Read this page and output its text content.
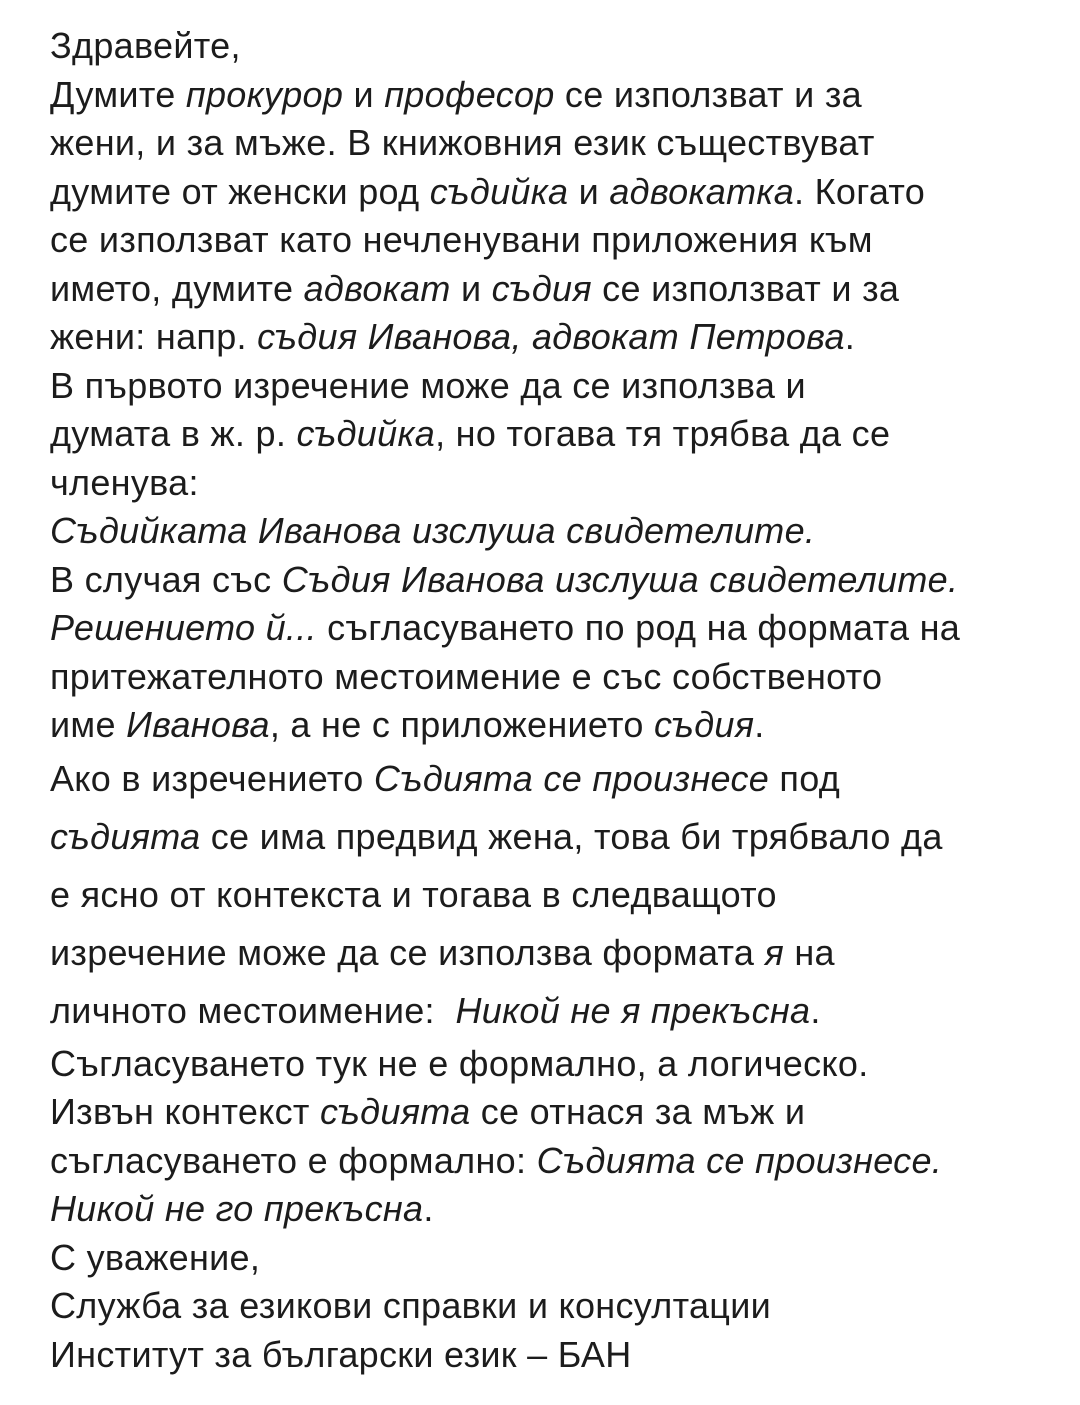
Здравейте,
Думите прокурор и професор се използват и за
жени, и за мъже. В книжовния език съществуват
думите от женски род съдийка и адвокатка. Когато
се използват като нечленувани приложения към
името, думите адвокат и съдия се използват и за
жени: напр. съдия Иванова, адвокат Петрова.
В първото изречение може да се използва и
думата в ж. р. съдийка, но тогава тя трябва да се
членува:
Съдийката Иванова изслуша свидетелите.
В случая със Съдия Иванова изслуша свидетелите.
Решението й... съгласуването по род на формата на
притежателното местоимение е със собственото
име Иванова, а не с приложението съдия.
Ако в изречението Съдията се произнесе под
съдията се има предвид жена, това би трябвало да
е ясно от контекста и тогава в следващото
изречение може да се използва формата я на
личното местоимение:  Никой не я прекъсна.
Съгласуването тук не е формално, а логическо.
Извън контекст съдията се отнася за мъж и
съгласуването е формално: Съдията се произнесе.
Никой не го прекъсна.
С уважение,
Служба за езикови справки и консултации
Институт за български език – БАН
